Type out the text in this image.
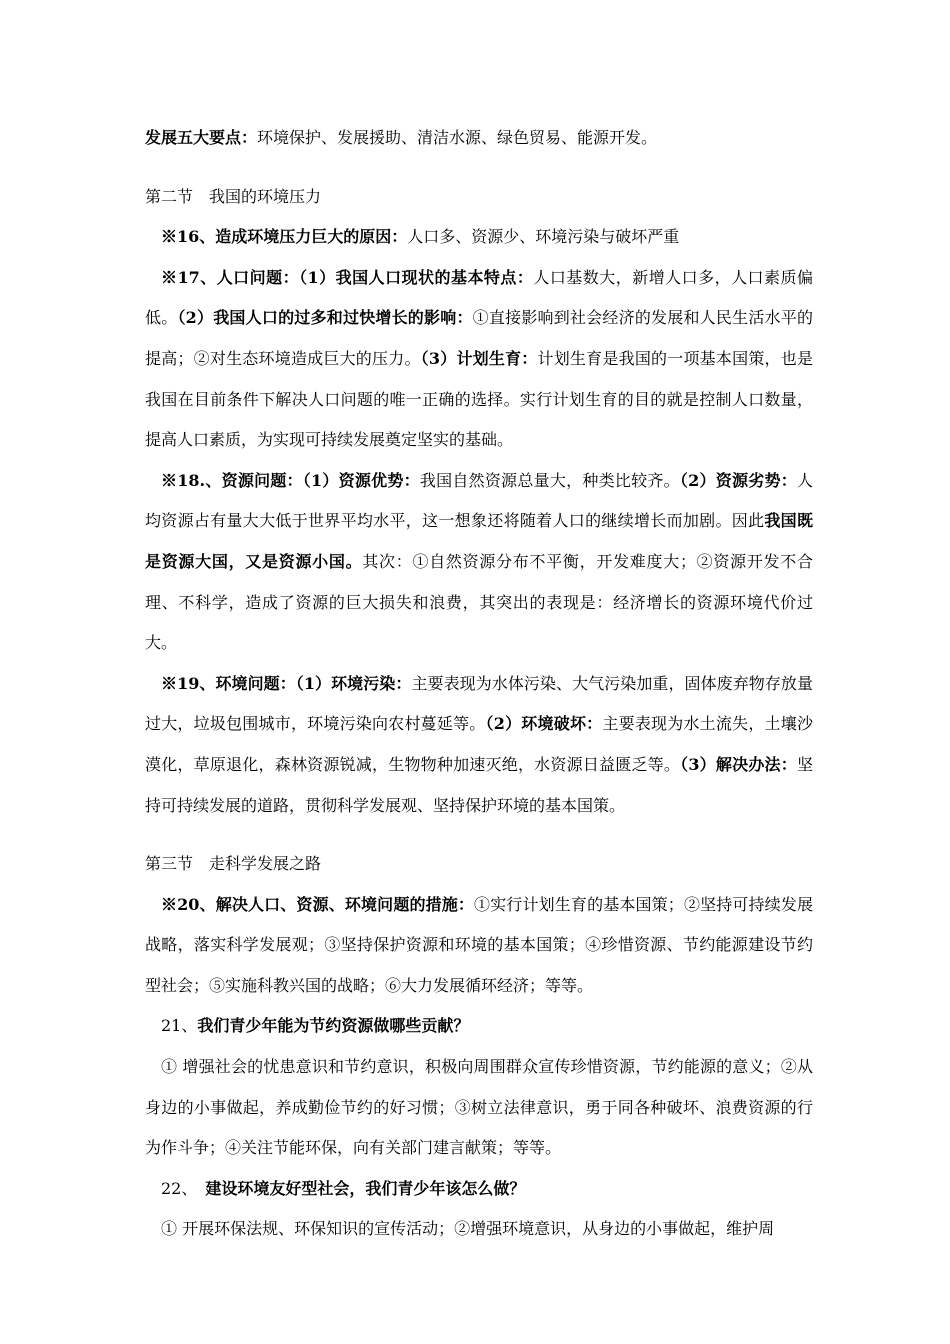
发展五大要点：环境保护、发展援助、清洁水源、绿色贸易、能源开发。

第二节　我国的环境压力

※16、造成环境压力巨大的原因：人口多、资源少、环境污染与破坏严重

※17、人口问题：（1）我国人口现状的基本特点：人口基数大，新增人口多，人口素质偏低。（2）我国人口的过多和过快增长的影响：①直接影响到社会经济的发展和人民生活水平的提高；②对生态环境造成巨大的压力。（3）计划生育：计划生育是我国的一项基本国策，也是我国在目前条件下解决人口问题的唯一正确的选择。实行计划生育的目的就是控制人口数量，提高人口素质，为实现可持续发展奠定坚实的基础。

※18.、资源问题：（1）资源优势：我国自然资源总量大，种类比较齐。（2）资源劣势：人均资源占有量大大低于世界平均水平，这一想象还将随着人口的继续增长而加剧。因此我国既是资源大国，又是资源小国。其次：①自然资源分布不平衡，开发难度大；②资源开发不合理、不科学，造成了资源的巨大损失和浪费，其突出的表现是：经济增长的资源环境代价过大。

※19、环境问题：（1）环境污染：主要表现为水体污染、大气污染加重，固体废弃物存放量过大，垃圾包围城市，环境污染向农村蔓延等。（2）环境破坏：主要表现为水土流失，土壤沙漠化，草原退化，森林资源锐减，生物物种加速灭绝，水资源日益匮乏等。（3）解决办法：坚持可持续发展的道路，贯彻科学发展观、坚持保护环境的基本国策。

第三节　走科学发展之路

※20、解决人口、资源、环境问题的措施：①实行计划生育的基本国策；②坚持可持续发展战略，落实科学发展观；③坚持保护资源和环境的基本国策；④珍惜资源、节约能源建设节约型社会；⑤实施科教兴国的战略；⑥大力发展循环经济；等等。

21、我们青少年能为节约资源做哪些贡献？

① 增强社会的忧患意识和节约意识，积极向周围群众宣传珍惜资源，节约能源的意义；②从身边的小事做起，养成勤俭节约的好习惯；③树立法律意识，勇于同各种破坏、浪费资源的行为作斗争；④关注节能环保，向有关部门建言献策；等等。

22、　建设环境友好型社会，我们青少年该怎么做？

① 开展环保法规、环保知识的宣传活动；②增强环境意识，从身边的小事做起，维护周
